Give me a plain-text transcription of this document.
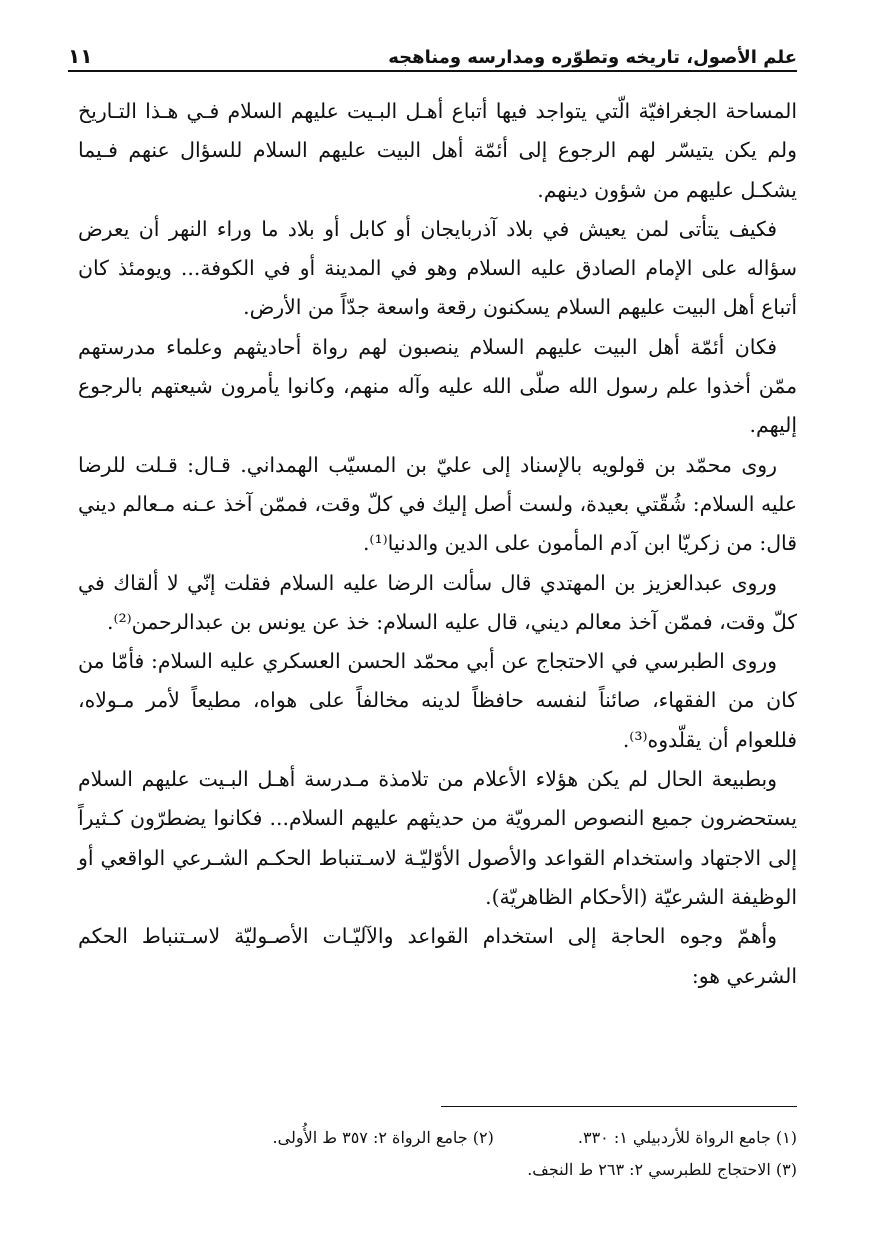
علم الأصول، تاريخه وتطوّره ومدارسه ومناهجه
١١

المساحة الجغرافيّة الّتي يتواجد فيها أتباع أهـل البـيت عليهم السلام فـي هـذا التـاريخ ولم يكن يتيسّر لهم الرجوع إلى أئمّة أهل البيت عليهم السلام للسؤال عنهم فـيما يشكـل عليهم من شؤون دينهم.

فكيف يتأتى لمن يعيش في بلاد آذربايجان أو كابل أو بلاد ما وراء النهر أن يعرض سؤاله على الإمام الصادق عليه السلام وهو في المدينة أو في الكوفة... ويومئذ كان أتباع أهل البيت عليهم السلام يسكنون رقعة واسعة جدّاً من الأرض.

فكان أئمّة أهل البيت عليهم السلام ينصبون لهم رواة أحاديثهم وعلماء مدرستهم ممّن أخذوا علم رسول الله صلّى الله عليه وآله منهم، وكانوا يأمرون شيعتهم بالرجوع إليهم.

روى محمّد بن قولويه بالإسناد إلى عليّ بن المسيّب الهمداني. قـال: قـلت للرضا عليه السلام: شُقّتي بعيدة، ولست أصل إليك في كلّ وقت، فممّن آخذ عـنه مـعالم ديني قال: من زكريّا ابن آدم المأمون على الدين والدنيا⁽¹⁾.

وروى عبدالعزيز بن المهتدي قال سألت الرضا عليه السلام فقلت إنّي لا ألقاك في كلّ وقت، فممّن آخذ معالم ديني، قال عليه السلام: خذ عن يونس بن عبدالرحمن⁽²⁾.

وروى الطبرسي في الاحتجاج عن أبي محمّد الحسن العسكري عليه السلام: فأمّا من كان من الفقهاء، صائناً لنفسه حافظاً لدينه مخالفاً على هواه، مطيعاً لأمر مـولاه، فللعوام أن يقلّدوه⁽³⁾.

وبطبيعة الحال لم يكن هؤلاء الأعلام من تلامذة مـدرسة أهـل البـيت عليهم السلام يستحضرون جميع النصوص المرويّة من حديثهم عليهم السلام... فكانوا يضطرّون كـثيراً إلى الاجتهاد واستخدام القواعد والأصول الأوّليّـة لاسـتنباط الحكـم الشـرعي الواقعي أو الوظيفة الشرعيّة (الأحكام الظاهريّة).

وأهمّ وجوه الحاجة إلى استخدام القواعد والآليّـات الأصـوليّة لاسـتنباط الحكم الشرعي هو:

(١) جامع الرواة للأردبيلي ١: ٣٣٠.
(٢) جامع الرواة ٢: ٣٥٧ ط الأُولى.
(٣) الاحتجاج للطبرسي ٢: ٢٦٣ ط النجف.
